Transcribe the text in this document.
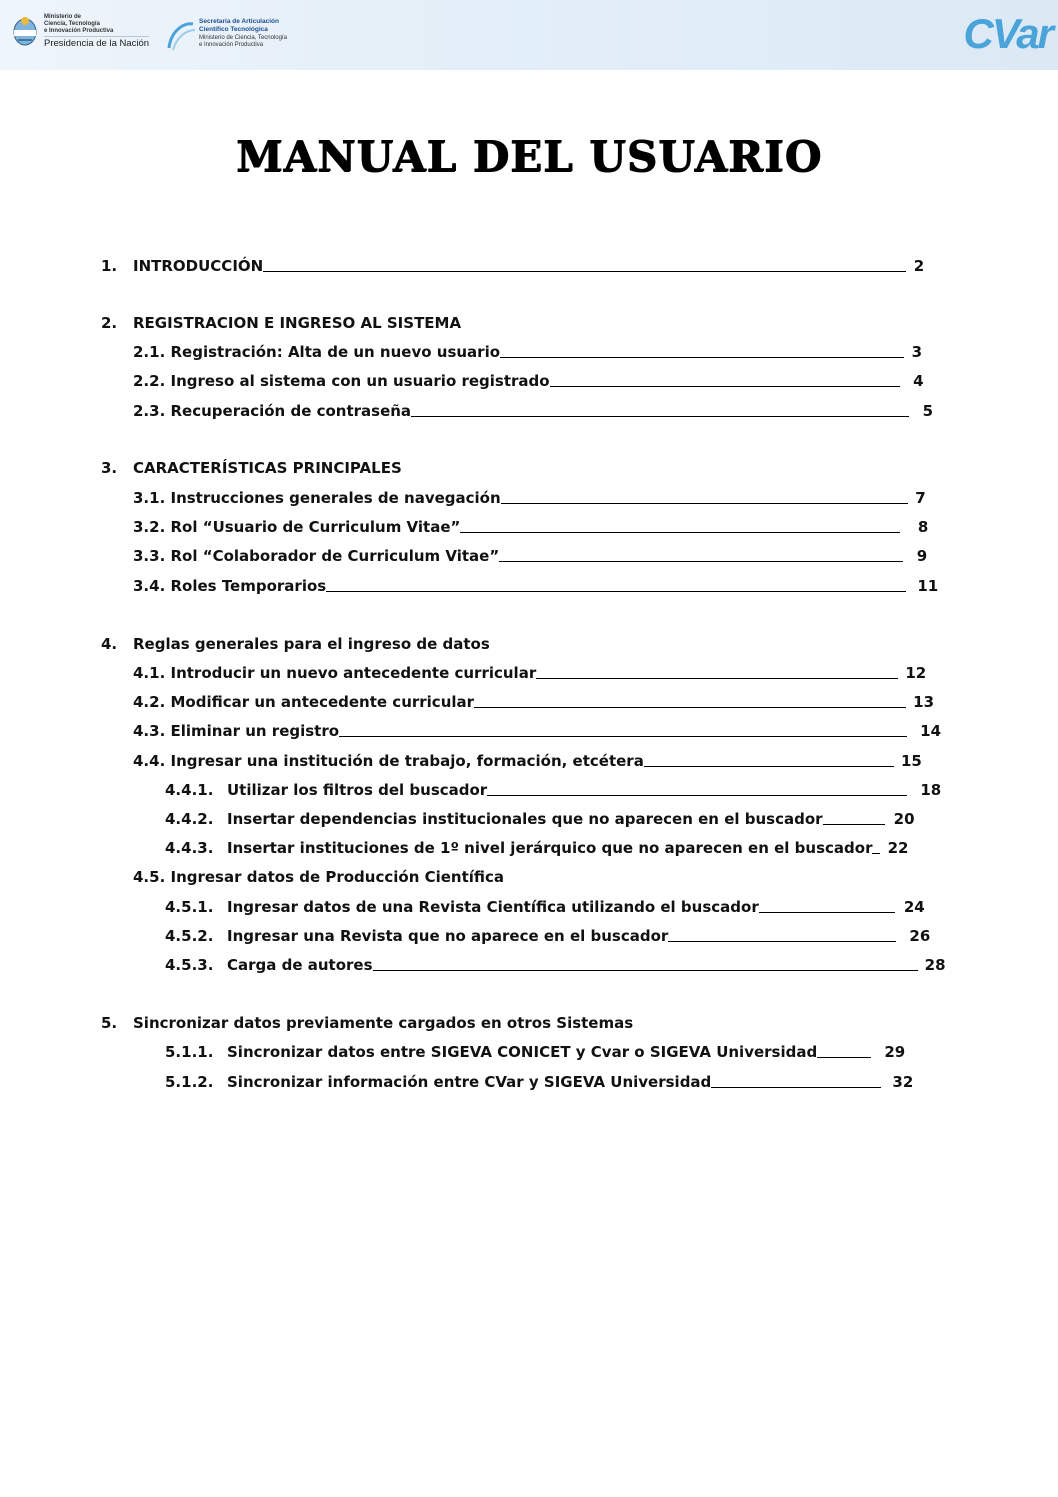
Ministerio de
Ciencia, Tecnología
e Innovación Productiva
Presidencia de la Nación
Secretaría de Articulación
Científico Tecnológica
Ministerio de Ciencia, Tecnología
e Innovación Productiva	CVar
MANUAL DEL USUARIO
1.	INTRODUCCIÓN	2
2.	REGISTRACION E INGRESO AL SISTEMA
2.1. Registración: Alta de un nuevo usuario	3
2.2. Ingreso al sistema con un usuario registrado	4
2.3. Recuperación de contraseña	5
3.	CARACTERÍSTICAS PRINCIPALES
3.1. Instrucciones generales de navegación	7
3.2. Rol “Usuario de Curriculum Vitae”	8
3.3. Rol “Colaborador de Curriculum Vitae”	9
3.4. Roles Temporarios	11
4.	Reglas generales para el ingreso de datos
4.1. Introducir un nuevo antecedente curricular	12
4.2. Modificar un antecedente curricular	13
4.3. Eliminar un registro	14
4.4. Ingresar una institución de trabajo, formación, etcétera	15
4.4.1. Utilizar los filtros del buscador	18
4.4.2. Insertar dependencias institucionales que no aparecen en el buscador	20
4.4.3. Insertar instituciones de 1º nivel jerárquico que no aparecen en el buscador	22
4.5. Ingresar datos de Producción Científica
4.5.1. Ingresar datos de una Revista Científica utilizando el buscador	24
4.5.2. Ingresar una Revista que no aparece en el buscador	26
4.5.3. Carga de autores	28
5.	Sincronizar datos previamente cargados en otros Sistemas
5.1.1. Sincronizar datos entre SIGEVA CONICET y Cvar o SIGEVA Universidad	29
5.1.2. Sincronizar información entre CVar y SIGEVA Universidad	32
